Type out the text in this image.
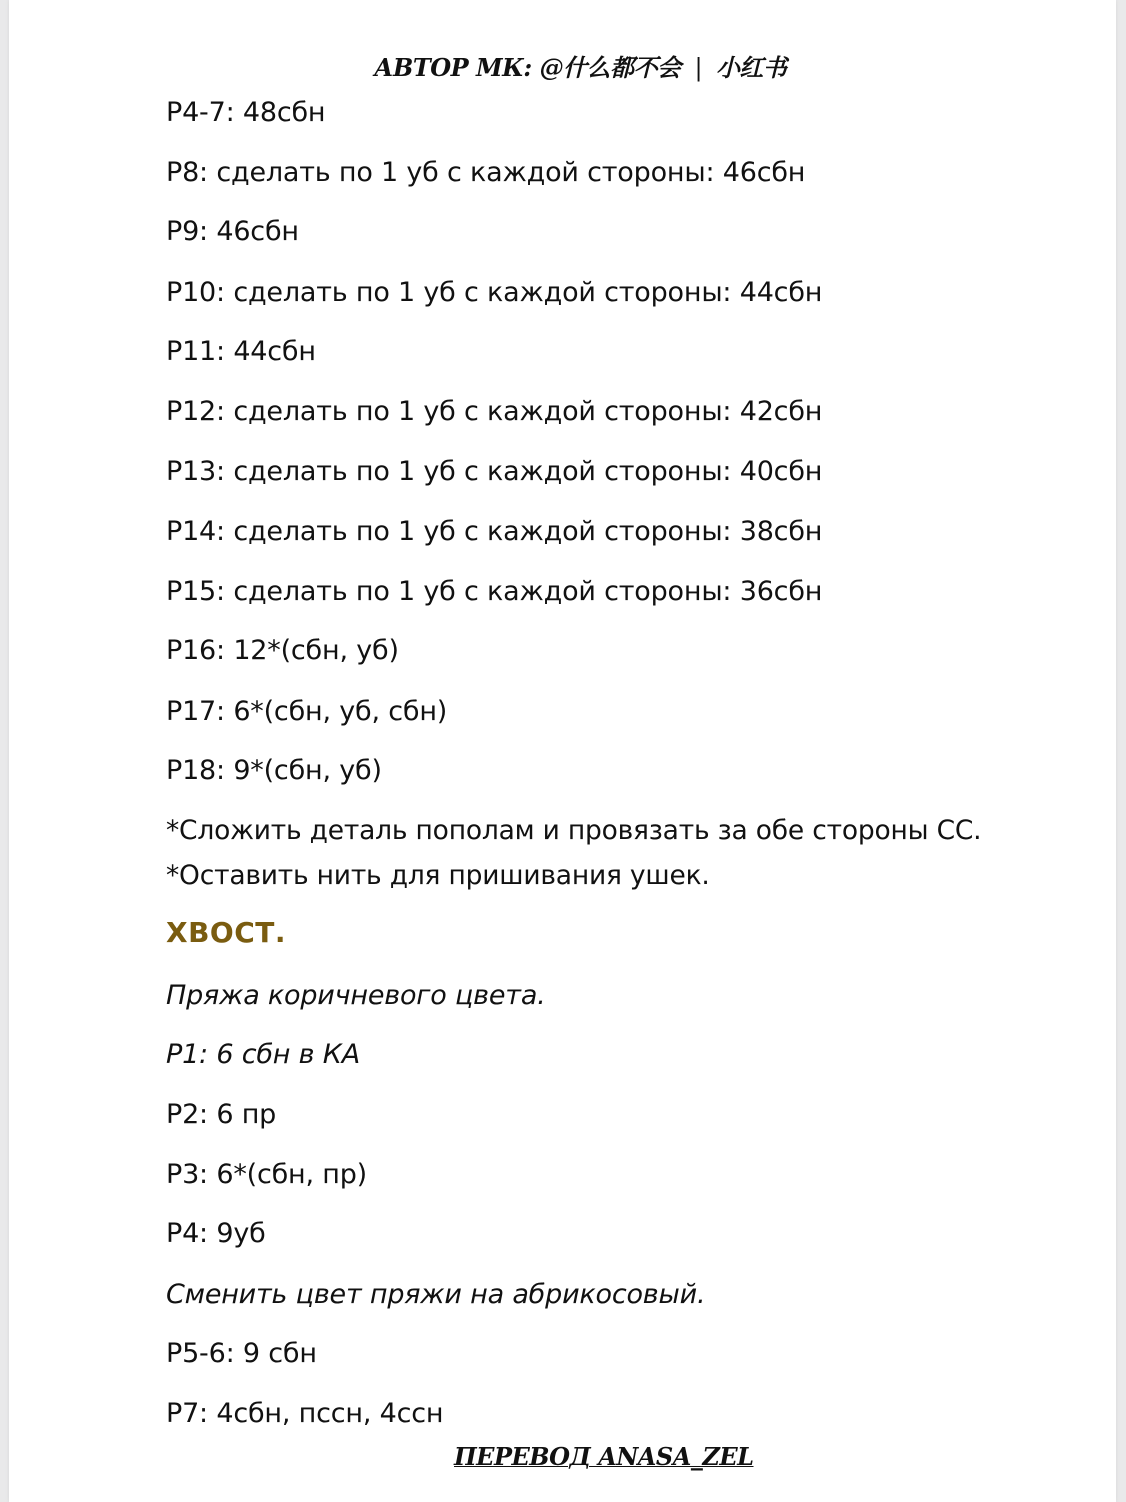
АВТОР МК: @什么都不会 | 小红书
Р4-7: 48сбн
Р8: сделать по 1 уб с каждой стороны: 46сбн
Р9: 46сбн
Р10: сделать по 1 уб с каждой стороны: 44сбн
Р11: 44сбн
Р12: сделать по 1 уб с каждой стороны: 42сбн
Р13: сделать по 1 уб с каждой стороны: 40сбн
Р14: сделать по 1 уб с каждой стороны: 38сбн
Р15: сделать по 1 уб с каждой стороны: 36сбн
Р16: 12*(сбн, уб)
Р17: 6*(сбн, уб, сбн)
Р18: 9*(сбн, уб)
*Сложить деталь пополам и провязать за обе стороны СС.
*Оставить нить для пришивания ушек.
ХВОСТ.
Пряжа коричневого цвета.
Р1: 6 сбн в КА
Р2: 6 пр
Р3: 6*(сбн, пр)
Р4: 9уб
Сменить цвет пряжи на абрикосовый.
Р5-6: 9 сбн
Р7: 4сбн, пссн, 4ссн
ПЕРЕВОД ANASA_ZEL
